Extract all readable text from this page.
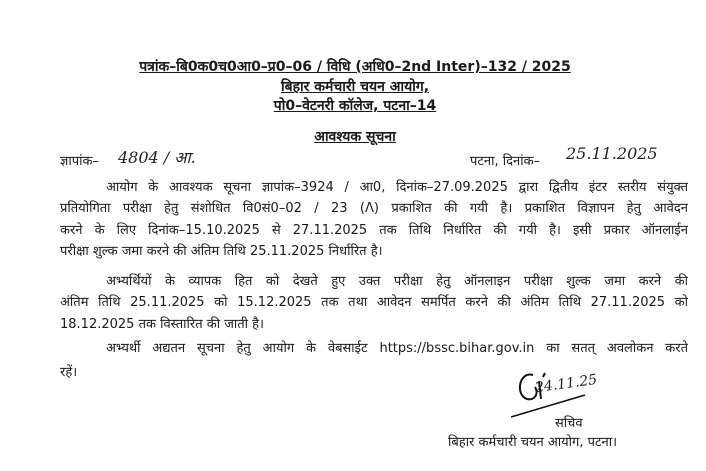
पत्रांक–बि0क0च0आ0–प्र0–06 / विधि (अधि0–2nd Inter)–132 / 2025
बिहार कर्मचारी चयन आयोग,
पो0–वेटनरी कॉलेज, पटना–14
आवश्यक सूचना
ज्ञापांक– 4804 / आ.	पटना, दिनांक– 25.11.2025
आयोग के आवश्यक सूचना ज्ञापांक–3924 / आ0, दिनांक–27.09.2025 द्वारा द्वितीय इंटर स्तरीय संयुक्त
प्रतियोगिता परीक्षा हेतु संशोधित वि0सं0–02 / 23 (Λ) प्रकाशित की गयी है। प्रकाशित विज्ञापन हेतु आवेदन
करने के लिए दिनांक–15.10.2025 से 27.11.2025 तक तिथि निर्धारित की गयी है। इसी प्रकार ऑनलाईन
परीक्षा शुल्क जमा करने की अंतिम तिथि 25.11.2025 निर्धारित है।
अभ्यर्थियों के व्यापक हित को देखते हुए उक्त परीक्षा हेतु ऑनलाइन परीक्षा शुल्क जमा करने की
अंतिम तिथि 25.11.2025 को 15.12.2025 तक तथा आवेदन समर्पित करने की अंतिम तिथि 27.11.2025 को
18.12.2025 तक विस्तारित की जाती है।
अभ्यर्थी अद्यतन सूचना हेतु आयोग के वेबसाईट https://bssc.bihar.gov.in का सतत् अवलोकन करते
रहें।	24.11.25
सचिव
बिहार कर्मचारी चयन आयोग, पटना।
